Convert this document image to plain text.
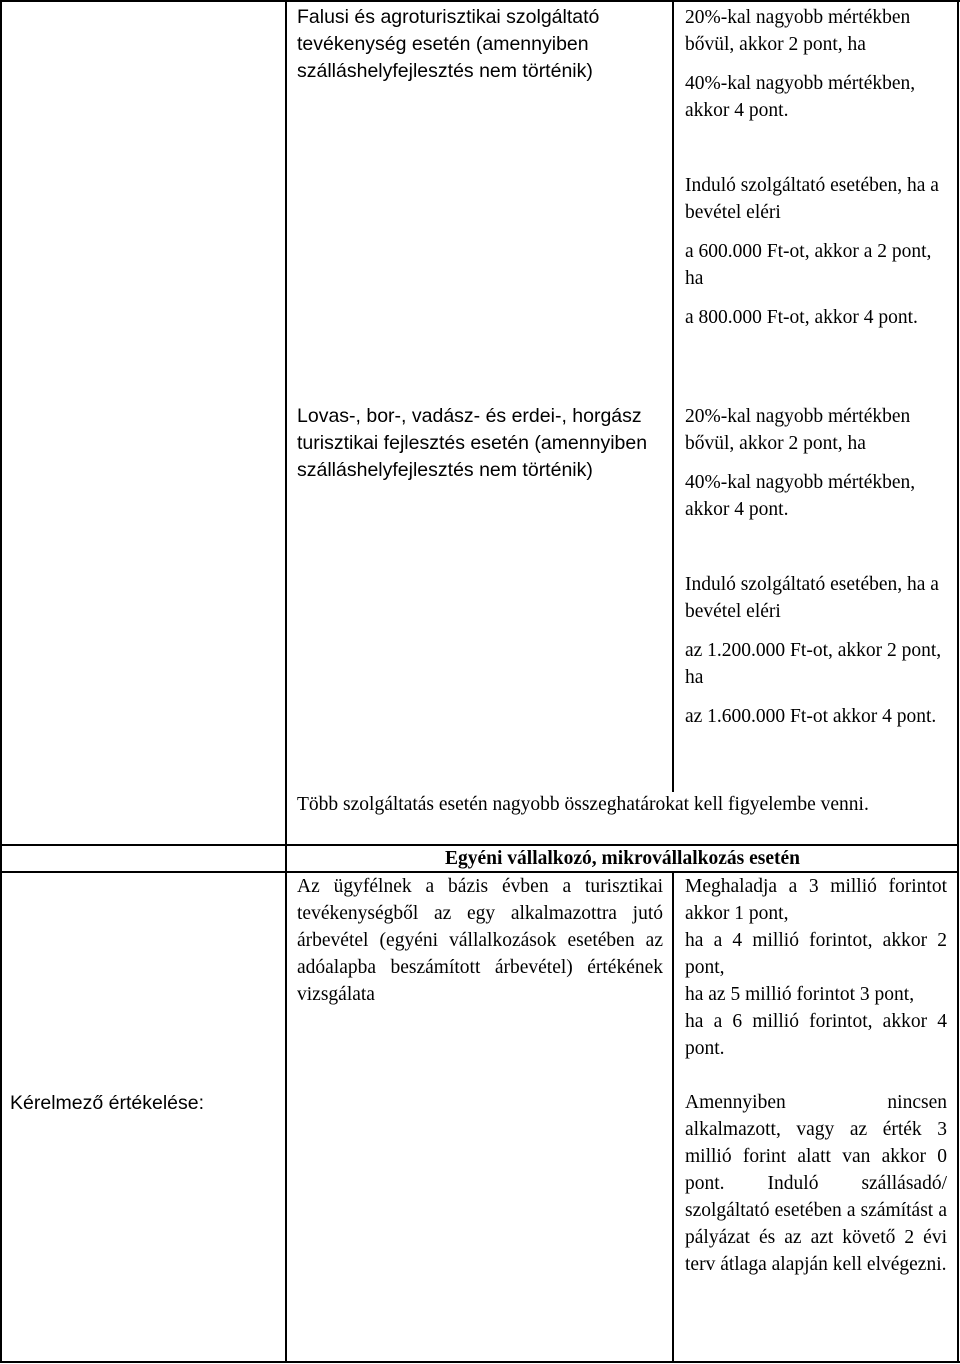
Falusi és agroturisztikai szolgáltató tevékenység esetén (amennyiben szálláshelyfejlesztés nem történik)

20%-kal nagyobb mértékben bővül, akkor 2 pont, ha

40%-kal nagyobb mértékben, akkor 4 pont.

Induló szolgáltató esetében, ha a bevétel eléri

a 600.000 Ft-ot, akkor a 2 pont, ha

a 800.000 Ft-ot, akkor 4 pont.

Lovas-, bor-, vadász- és erdei-, horgász turisztikai fejlesztés esetén (amennyiben szálláshelyfejlesztés nem történik)

20%-kal nagyobb mértékben bővül, akkor 2 pont, ha

40%-kal nagyobb mértékben, akkor 4 pont.

Induló szolgáltató esetében, ha a bevétel eléri

az 1.200.000 Ft-ot, akkor 2 pont, ha

az 1.600.000 Ft-ot akkor 4 pont.

Több szolgáltatás esetén nagyobb összeghatárokat kell figyelembe venni.
Egyéni vállalkozó, mikrovállalkozás esetén
Az ügyfélnek a bázis évben a turisztikai tevékenységből az egy alkalmazottra jutó árbevétel (egyéni vállalkozások esetében az adóalapba beszámított árbevétel) értékének vizsgálata

Meghaladja a 3 millió forintot akkor 1 pont,

ha a 4 millió forintot, akkor 2 pont,

ha az 5 millió forintot 3 pont,

ha a 6 millió forintot, akkor 4 pont.

Amennyiben nincsen alkalmazott, vagy az érték 3 millió forint alatt van akkor 0 pont. Induló szállásadó/ szolgáltató esetében a számítást a pályázat és az azt követő 2 évi terv átlaga alapján kell elvégezni.

Kérelmező értékelése:
